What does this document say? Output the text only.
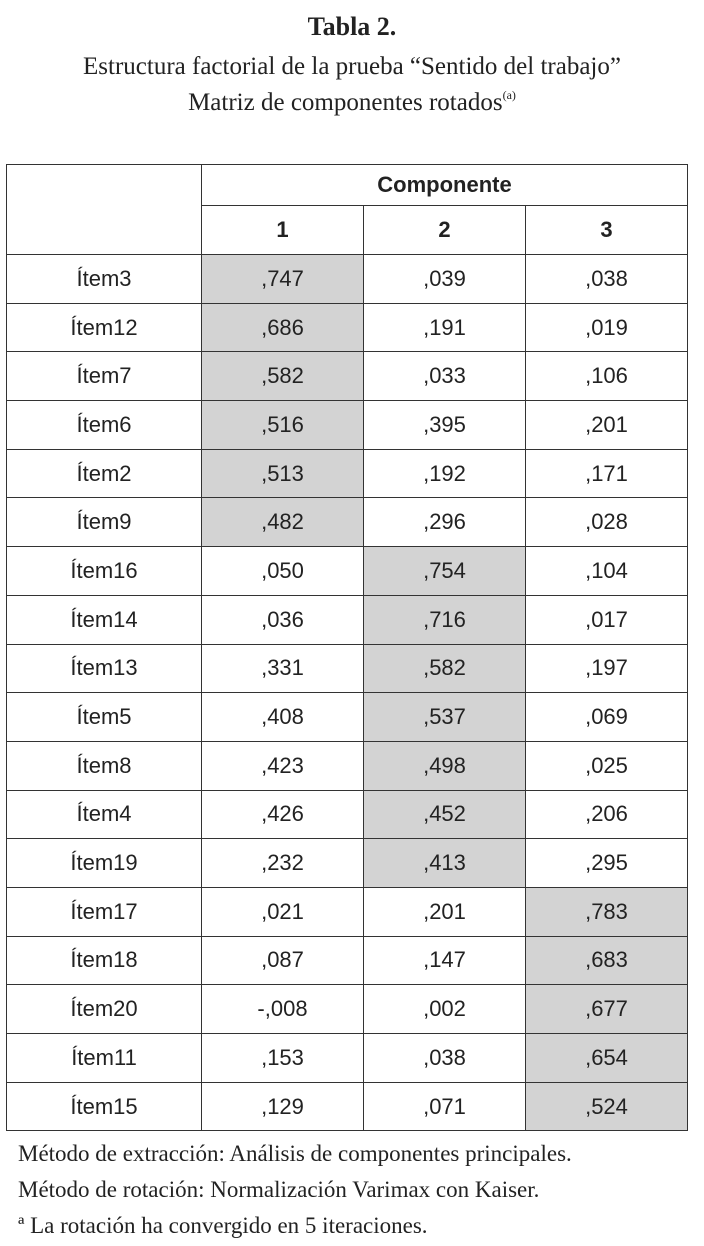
Tabla 2.
Estructura factorial de la prueba “Sentido del trabajo”
Matriz de componentes rotados$^{(a)}$
	Componente		
	1	2	3
Ítem3	,747	,039	,038
Ítem12	,686	,191	,019
Ítem7	,582	,033	,106
Ítem6	,516	,395	,201
Ítem2	,513	,192	,171
Ítem9	,482	,296	,028
Ítem16	,050	,754	,104
Ítem14	,036	,716	,017
Ítem13	,331	,582	,197
Ítem5	,408	,537	,069
Ítem8	,423	,498	,025
Ítem4	,426	,452	,206
Ítem19	,232	,413	,295
Ítem17	,021	,201	,783
Ítem18	,087	,147	,683
Ítem20	-,008	,002	,677
Ítem11	,153	,038	,654
Ítem15	,129	,071	,524
Método de extracción: Análisis de componentes principales.
Método de rotación: Normalización Varimax con Kaiser.
ª La rotación ha convergido en 5 iteraciones.
